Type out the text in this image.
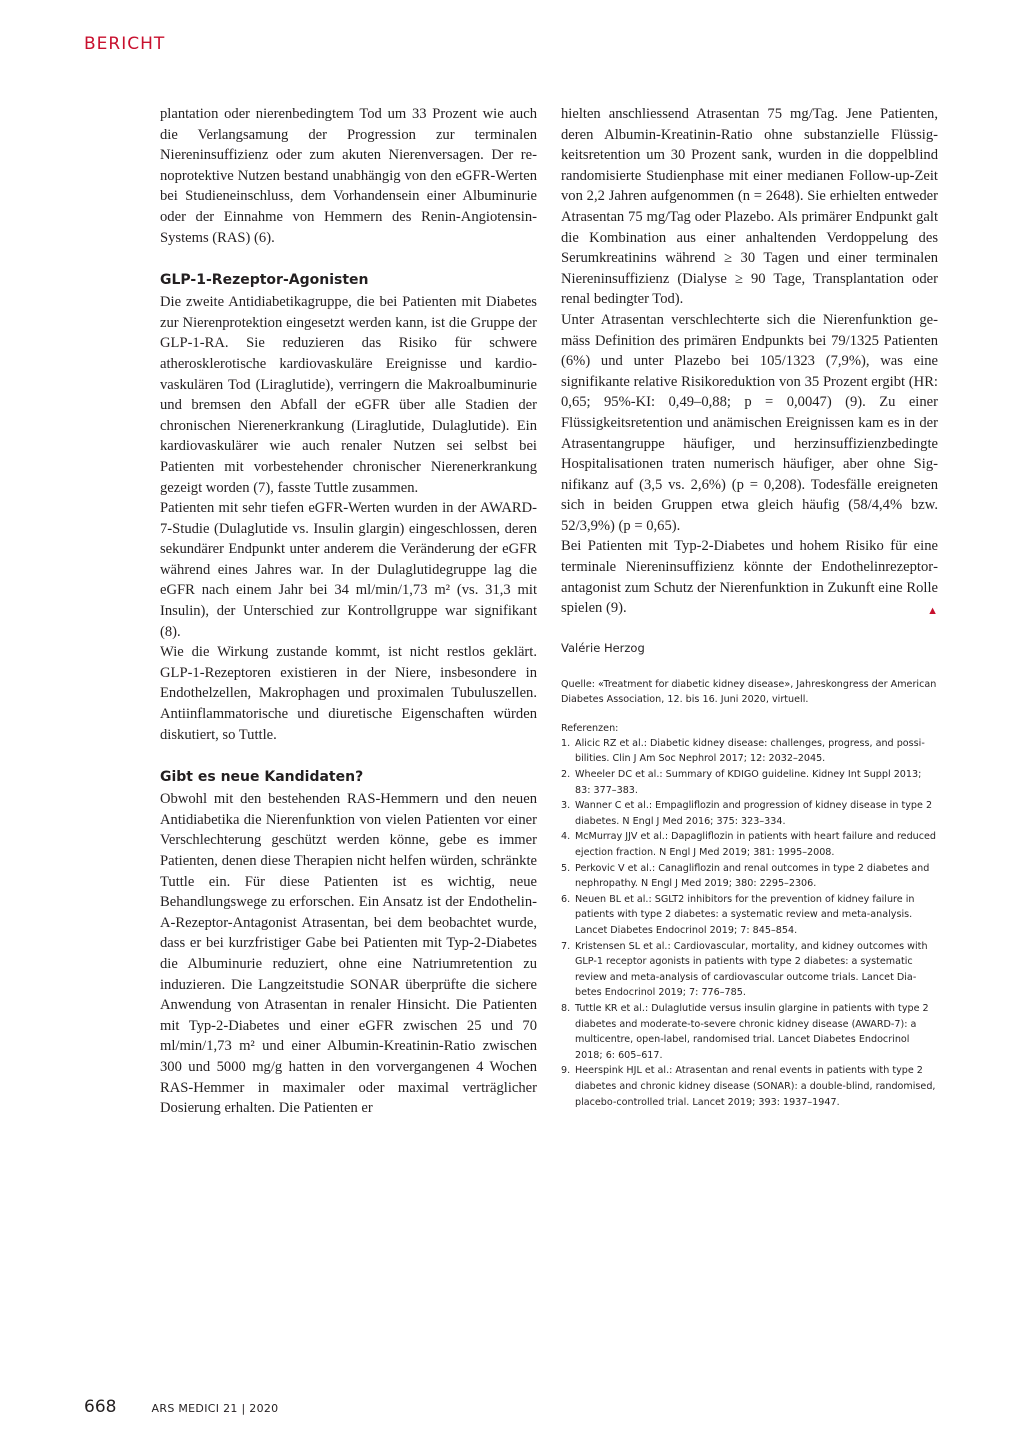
BERICHT

plantation oder nierenbedingtem Tod um 33 Prozent wie auch die Verlangsamung der Progression zur terminalen Niereninsuffizienz oder zum akuten Nierenversagen. Der renoprotektive Nutzen bestand unabhängig von den eGFR-Werten bei Studieneinschluss, dem Vorhandensein einer Albuminurie oder der Einnahme von Hemmern des Renin-Angiotensin-Systems (RAS) (6).

GLP-1-Rezeptor-Agonisten

Die zweite Antidiabetikagruppe, die bei Patienten mit Diabetes zur Nierenprotektion eingesetzt werden kann, ist die Gruppe der GLP-1-RA. Sie reduzieren das Risiko für schwere atherosklerotische kardiovaskuläre Ereignisse und kardiovaskulären Tod (Liraglutide), verringern die Makroalbuminurie und bremsen den Abfall der eGFR über alle Stadien der chronischen Nierenerkrankung (Liraglutide, Dulaglutide). Ein kardiovaskulärer wie auch renaler Nutzen sei selbst bei Patienten mit vorbestehender chronischer Nierenerkrankung gezeigt worden (7), fasste Tuttle zusammen.

Patienten mit sehr tiefen eGFR-Werten wurden in der AWARD-7-Studie (Dulaglutide vs. Insulin glargin) eingeschlossen, deren sekundärer Endpunkt unter anderem die Veränderung der eGFR während eines Jahres war. In der Dulaglutidegruppe lag die eGFR nach einem Jahr bei 34 ml/min/1,73 m² (vs. 31,3 mit Insulin), der Unterschied zur Kontrollgruppe war signifikant (8).

Wie die Wirkung zustande kommt, ist nicht restlos geklärt. GLP-1-Rezeptoren existieren in der Niere, insbesondere in Endothelzellen, Makrophagen und proximalen Tubuluszellen. Antiinflammatorische und diuretische Eigenschaften würden diskutiert, so Tuttle.

Gibt es neue Kandidaten?

Obwohl mit den bestehenden RAS-Hemmern und den neuen Antidiabetika die Nierenfunktion von vielen Patienten vor einer Verschlechterung geschützt werden könne, gebe es immer Patienten, denen diese Therapien nicht helfen würden, schränkte Tuttle ein. Für diese Patienten ist es wichtig, neue Behandlungswege zu erforschen. Ein Ansatz ist der Endothelin-A-Rezeptor-Antagonist Atrasentan, bei dem beobachtet wurde, dass er bei kurzfristiger Gabe bei Patienten mit Typ-2-Diabetes die Albuminurie reduziert, ohne eine Natriumretention zu induzieren. Die Langzeitstudie SONAR überprüfte die sichere Anwendung von Atrasentan in renaler Hinsicht. Die Patienten mit Typ-2-Diabetes und einer eGFR zwischen 25 und 70 ml/min/1,73 m² und einer Albumin-Kreatinin-Ratio zwischen 300 und 5000 mg/g hatten in den vorvergangenen 4 Wochen RAS-Hemmer in maximaler oder maximal verträglicher Dosierung erhalten. Die Patienten er

hielten anschliessend Atrasentan 75 mg/Tag. Jene Patienten, deren Albumin-Kreatinin-Ratio ohne substanzielle Flüssigkeitsretention um 30 Prozent sank, wurden in die doppelblind randomisierte Studienphase mit einer medianen Follow-up-Zeit von 2,2 Jahren aufgenommen (n = 2648). Sie erhielten entweder Atrasentan 75 mg/Tag oder Plazebo. Als primärer Endpunkt galt die Kombination aus einer anhaltenden Verdoppelung des Serumkreatinins während ≥ 30 Tagen und einer terminalen Niereninsuffizienz (Dialyse ≥ 90 Tage, Transplantation oder renal bedingter Tod).

Unter Atrasentan verschlechterte sich die Nierenfunktion gemäss Definition des primären Endpunkts bei 79/1325 Patienten (6%) und unter Plazebo bei 105/1323 (7,9%), was eine signifikante relative Risikoreduktion von 35 Prozent ergibt (HR: 0,65; 95%-KI: 0,49–0,88; p = 0,0047) (9). Zu einer Flüssigkeitsretention und anämischen Ereignissen kam es in der Atrasentangruppe häufiger, und herzinsuffizienzbedingte Hospitalisationen traten numerisch häufiger, aber ohne Signifikanz auf (3,5 vs. 2,6%) (p = 0,208). Todesfälle ereigneten sich in beiden Gruppen etwa gleich häufig (58/4,4% bzw. 52/3,9%) (p = 0,65).

Bei Patienten mit Typ-2-Diabetes und hohem Risiko für eine terminale Niereninsuffizienz könnte der Endothelinrezeptorantagonist zum Schutz der Nierenfunktion in Zukunft eine Rolle spielen (9).	▲

Valérie Herzog
Quelle: «Treatment for diabetic kidney disease», Jahreskongress der American Diabetes Association, 12. bis 16. Juni 2020, virtuell.
Referenzen:
1. Alicic RZ et al.: Diabetic kidney disease: challenges, progress, and possibilities. Clin J Am Soc Nephrol 2017; 12: 2032–2045.
2. Wheeler DC et al.: Summary of KDIGO guideline. Kidney Int Suppl 2013; 83: 377–383.
3. Wanner C et al.: Empagliflozin and progression of kidney disease in type 2 diabetes. N Engl J Med 2016; 375: 323–334.
4. McMurray JJV et al.: Dapagliflozin in patients with heart failure and reduced ejection fraction. N Engl J Med 2019; 381: 1995–2008.
5. Perkovic V et al.: Canagliflozin and renal outcomes in type 2 diabetes and nephropathy. N Engl J Med 2019; 380: 2295–2306.
6. Neuen BL et al.: SGLT2 inhibitors for the prevention of kidney failure in patients with type 2 diabetes: a systematic review and meta-analysis. Lancet Diabetes Endocrinol 2019; 7: 845–854.
7. Kristensen SL et al.: Cardiovascular, mortality, and kidney outcomes with GLP-1 receptor agonists in patients with type 2 diabetes: a systematic review and meta-analysis of cardiovascular outcome trials. Lancet Diabetes Endocrinol 2019; 7: 776–785.
8. Tuttle KR et al.: Dulaglutide versus insulin glargine in patients with type 2 diabetes and moderate-to-severe chronic kidney disease (AWARD-7): a multicentre, open-label, randomised trial. Lancet Diabetes Endocrinol 2018; 6: 605–617.
9. Heerspink HJL et al.: Atrasentan and renal events in patients with type 2 diabetes and chronic kidney disease (SONAR): a double-blind, randomised, placebo-controlled trial. Lancet 2019; 393: 1937–1947.
668	ARS MEDICI 21 | 2020
